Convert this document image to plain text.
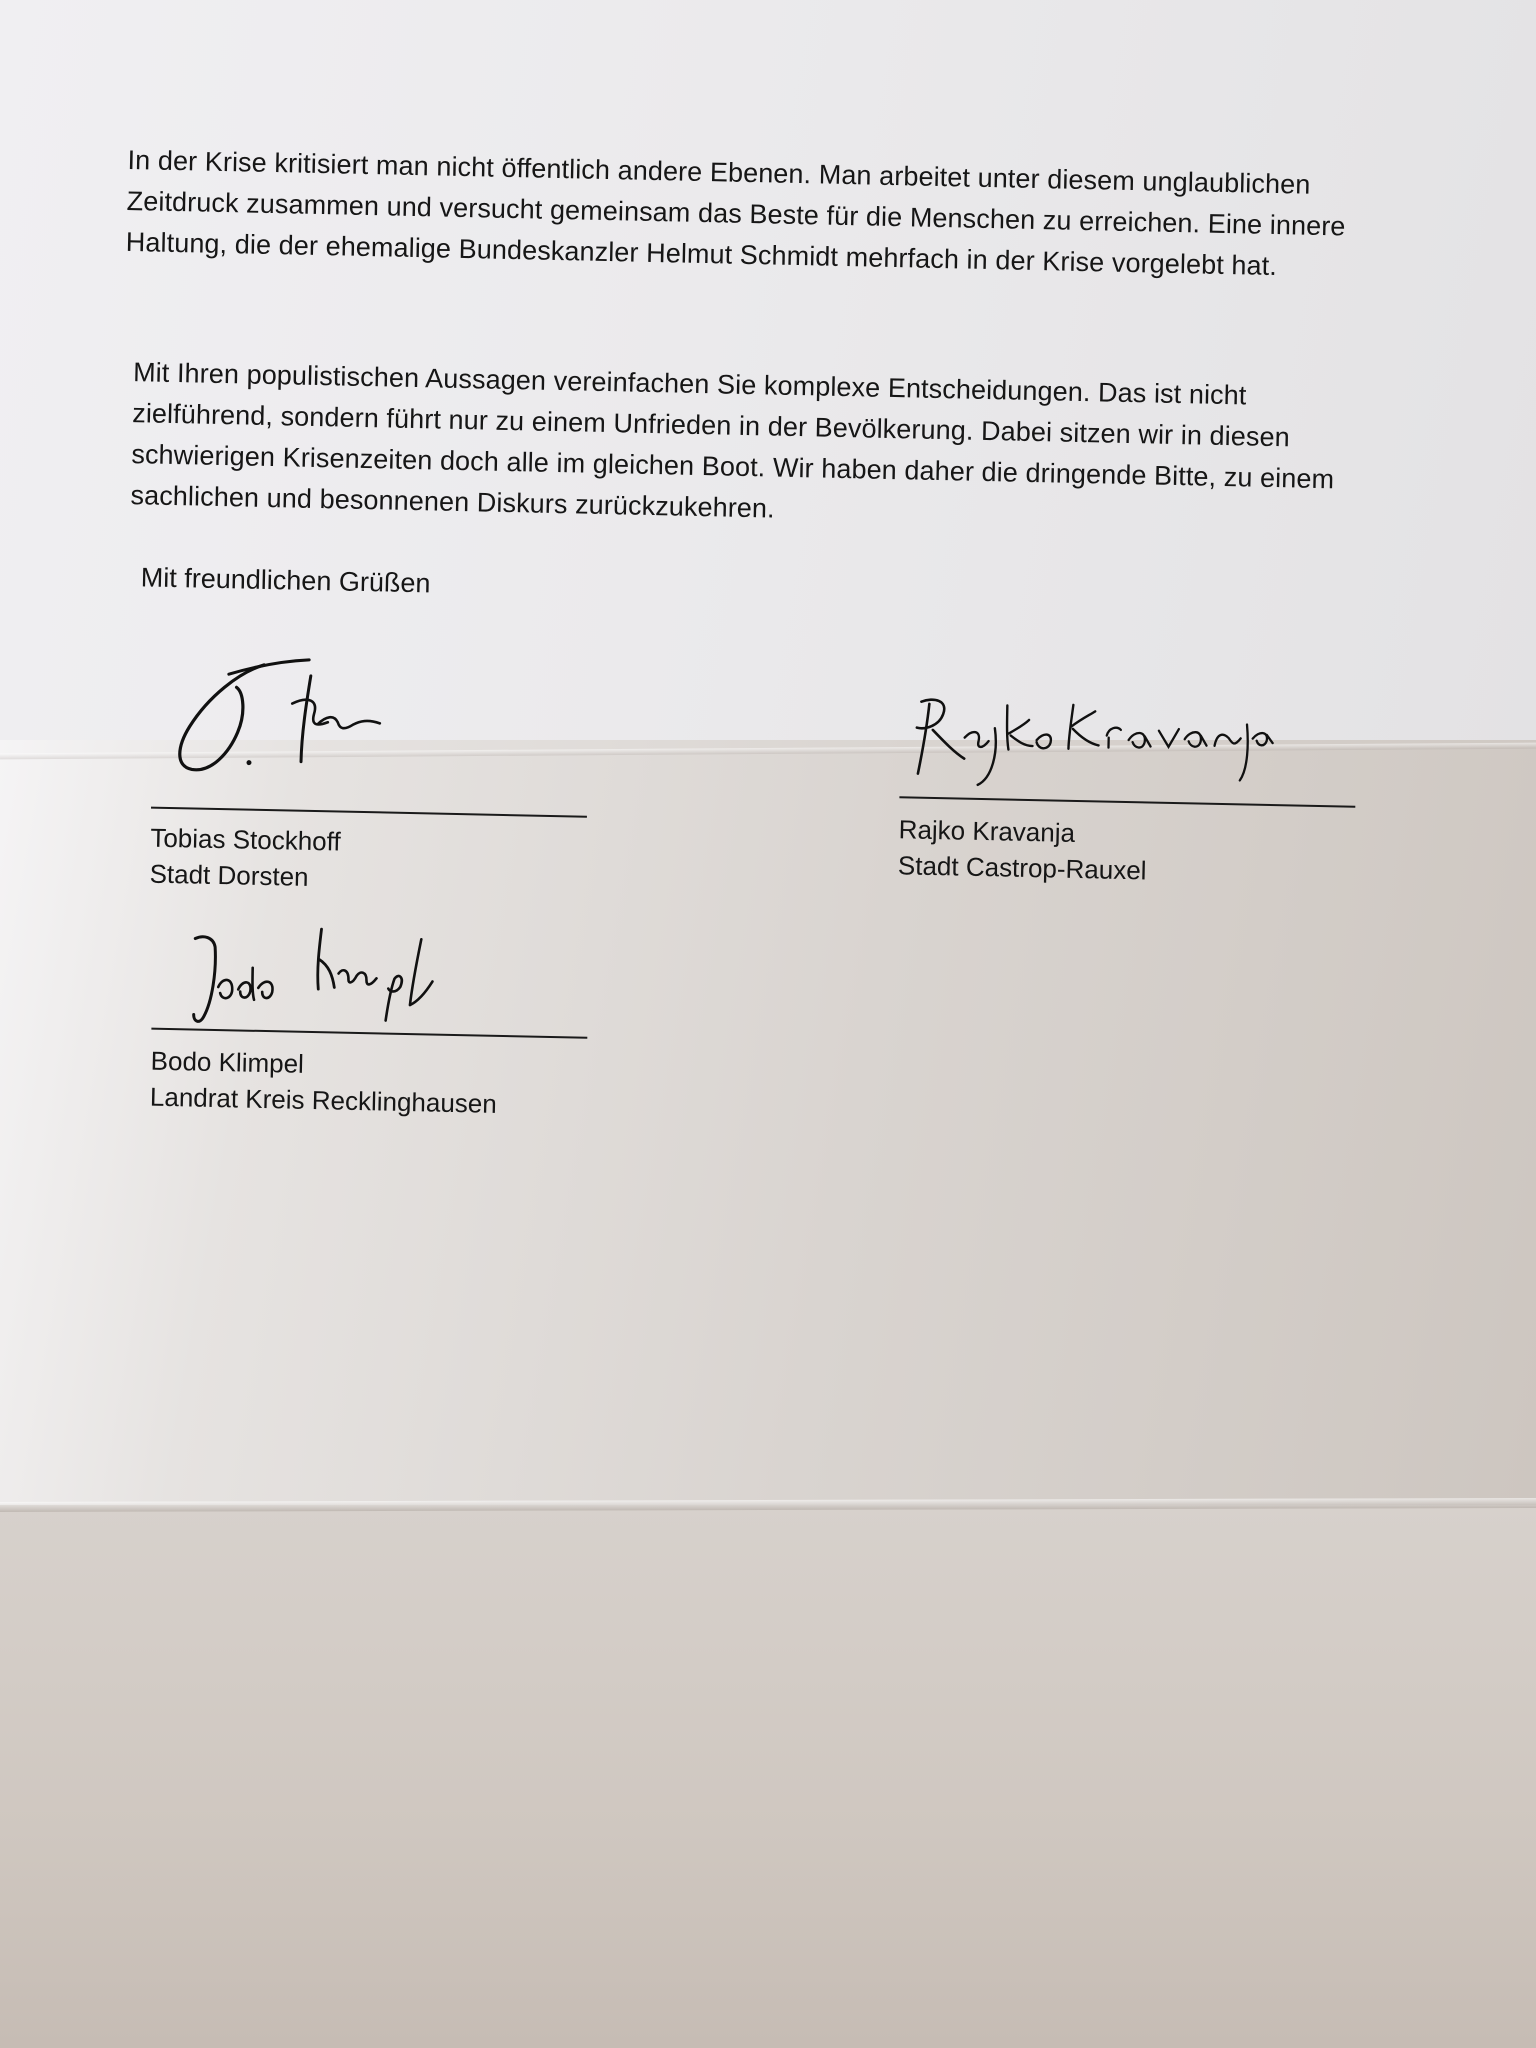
In der Krise kritisiert man nicht öffentlich andere Ebenen. Man arbeitet unter diesem unglaublichen Zeitdruck zusammen und versucht gemeinsam das Beste für die Menschen zu erreichen. Eine innere Haltung, die der ehemalige Bundeskanzler Helmut Schmidt mehrfach in der Krise vorgelebt hat.

Mit Ihren populistischen Aussagen vereinfachen Sie komplexe Entscheidungen. Das ist nicht zielführend, sondern führt nur zu einem Unfrieden in der Bevölkerung. Dabei sitzen wir in diesen schwierigen Krisenzeiten doch alle im gleichen Boot. Wir haben daher die dringende Bitte, zu einem sachlichen und besonnenen Diskurs zurückzukehren.

Mit freundlichen Grüßen

Tobias Stockhoff
Stadt Dorsten
Rajko Kravanja
Stadt Castrop-Rauxel
Bodo Klimpel
Landrat Kreis Recklinghausen
